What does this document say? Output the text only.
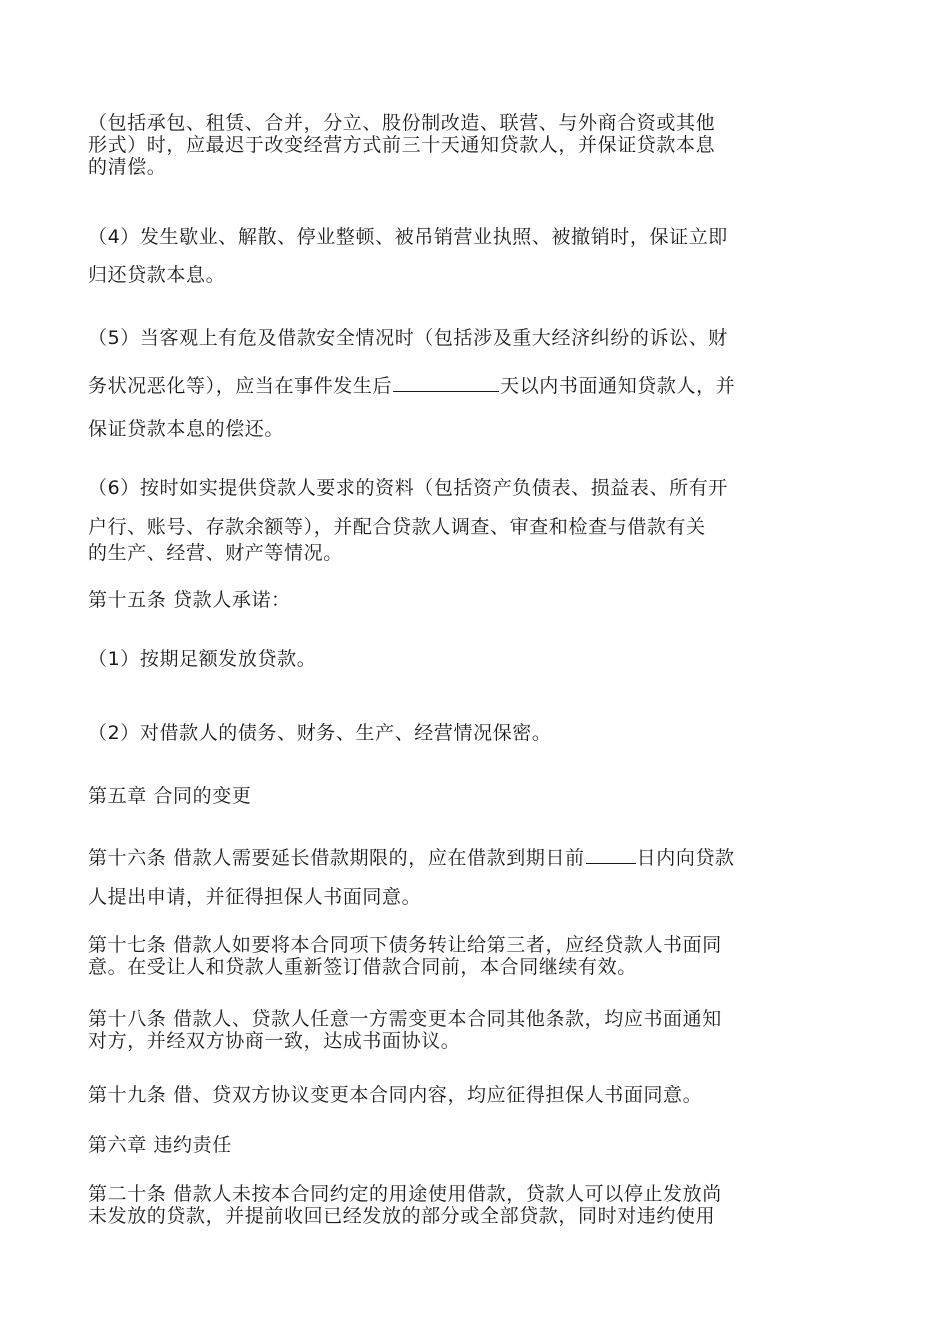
（包括承包、租赁、合并，分立、股份制改造、联营、与外商合资或其他
形式）时，应最迟于改变经营方式前三十天通知贷款人，并保证贷款本息
的清偿。
（4）发生歇业、解散、停业整顿、被吊销营业执照、被撤销时，保证立即
归还贷款本息。
（5）当客观上有危及借款安全情况时（包括涉及重大经济纠纷的诉讼、财
务状况恶化等），应当在事件发生后	天以内书面通知贷款人，并
保证贷款本息的偿还。
（6）按时如实提供贷款人要求的资料（包括资产负债表、损益表、所有开
户行、账号、存款余额等），并配合贷款人调查、审查和检查与借款有关
的生产、经营、财产等情况。
第十五条 贷款人承诺：
（1）按期足额发放贷款。
（2）对借款人的债务、财务、生产、经营情况保密。
第五章 合同的变更
第十六条 借款人需要延长借款期限的，应在借款到期日前	日内向贷款
人提出申请，并征得担保人书面同意。
第十七条 借款人如要将本合同项下债务转让给第三者，应经贷款人书面同
意。在受让人和贷款人重新签订借款合同前，本合同继续有效。
第十八条 借款人、贷款人任意一方需变更本合同其他条款，均应书面通知
对方，并经双方协商一致，达成书面协议。
第十九条 借、贷双方协议变更本合同内容，均应征得担保人书面同意。
第六章 违约责任
第二十条 借款人未按本合同约定的用途使用借款，贷款人可以停止发放尚
未发放的贷款，并提前收回已经发放的部分或全部贷款，同时对违约使用
